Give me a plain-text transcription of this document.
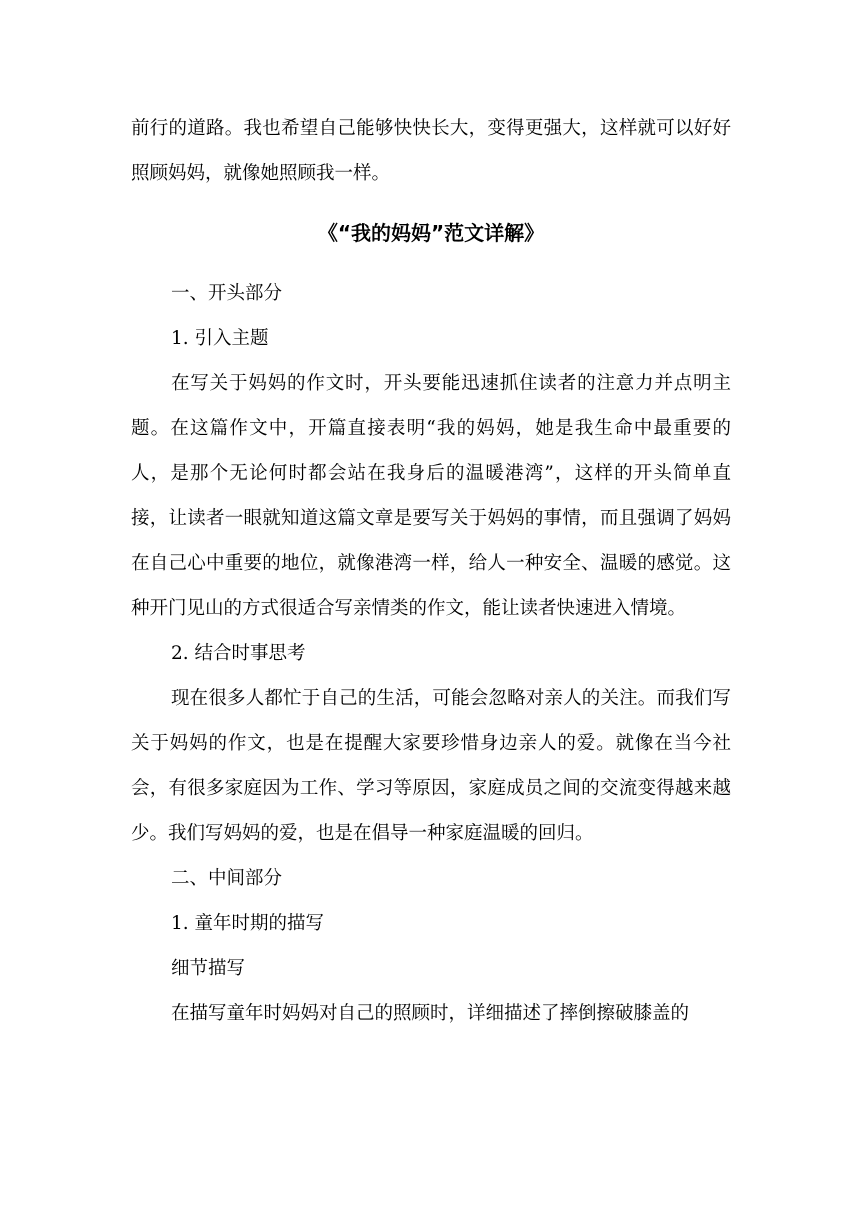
前行的道路。我也希望自己能够快快长大，变得更强大，这样就可以好好照顾妈妈，就像她照顾我一样。

《“我的妈妈”范文详解》

一、开头部分

1. 引入主题

在写关于妈妈的作文时，开头要能迅速抓住读者的注意力并点明主题。在这篇作文中，开篇直接表明“我的妈妈，她是我生命中最重要的人，是那个无论何时都会站在我身后的温暖港湾”，这样的开头简单直接，让读者一眼就知道这篇文章是要写关于妈妈的事情，而且强调了妈妈在自己心中重要的地位，就像港湾一样，给人一种安全、温暖的感觉。这种开门见山的方式很适合写亲情类的作文，能让读者快速进入情境。

2. 结合时事思考

现在很多人都忙于自己的生活，可能会忽略对亲人的关注。而我们写关于妈妈的作文，也是在提醒大家要珍惜身边亲人的爱。就像在当今社会，有很多家庭因为工作、学习等原因，家庭成员之间的交流变得越来越少。我们写妈妈的爱，也是在倡导一种家庭温暖的回归。

二、中间部分

1. 童年时期的描写

细节描写

在描写童年时妈妈对自己的照顾时，详细描述了摔倒擦破膝盖的
